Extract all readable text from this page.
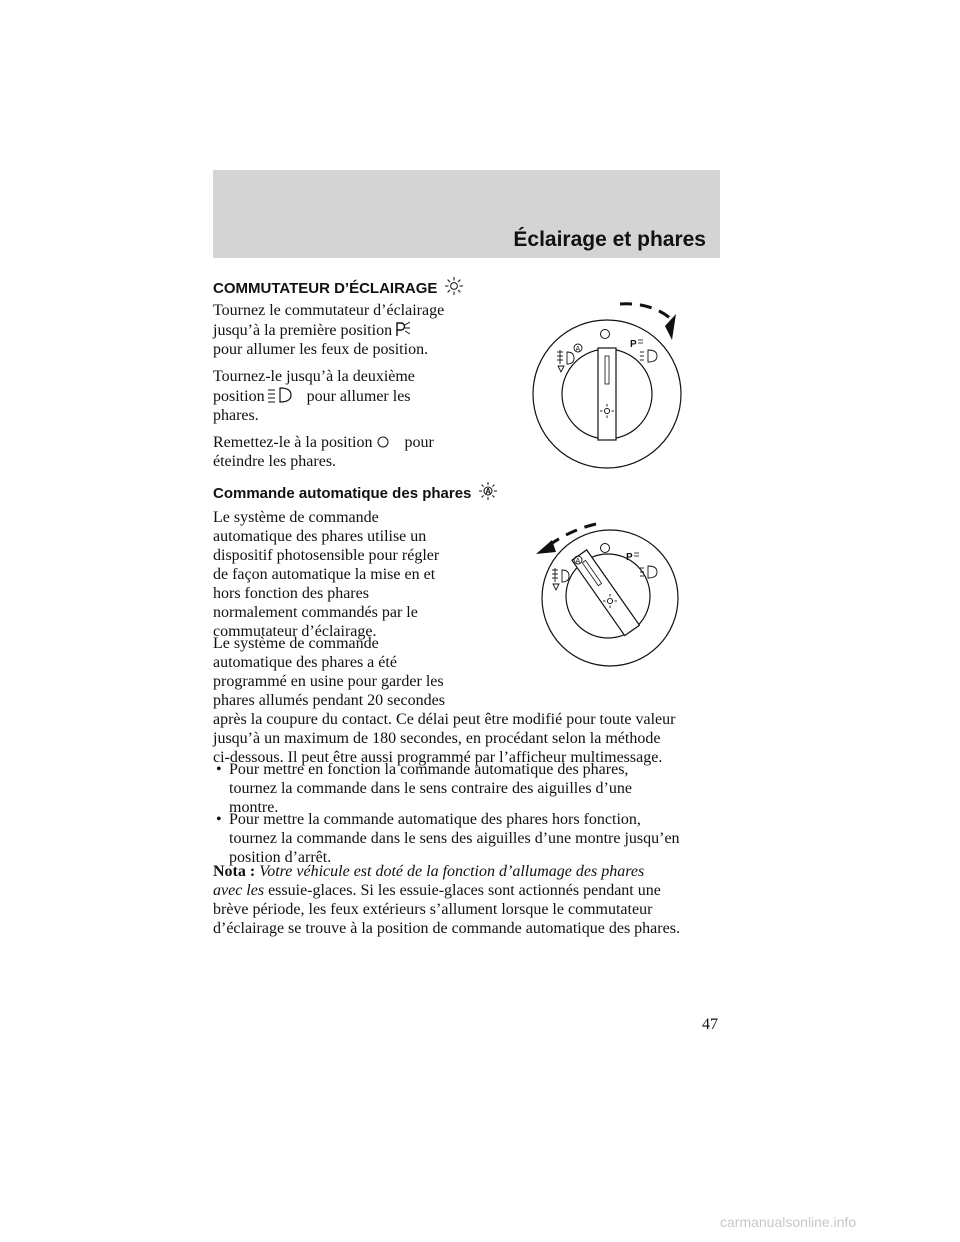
Éclairage et phares
COMMUTATEUR D’ÉCLAIRAGE

Tournez le commutateur d’éclairage

jusqu’à la première position

pour allumer les feux de position.

Tournez-le jusqu’à la deuxième

position	pour allumer les

phares.

Remettez-le à la position pour

éteindre les phares.

A	P
Commande automatique des phares A

Le système de commande

automatique des phares utilise un

dispositif photosensible pour régler

de façon automatique la mise en et

hors fonction des phares

normalement commandés par le

commutateur d’éclairage.

Le système de commande

automatique des phares a été

programmé en usine pour garder les

phares allumés pendant 20 secondes

après la coupure du contact. Ce délai peut être modifié pour toute valeur

jusqu’à un maximum de 180 secondes, en procédant selon la méthode

ci-dessous. Il peut être aussi programmé par l’afficheur multimessage.

A	P
• Pour mettre en fonction la commande automatique des phares,

tournez la commande dans le sens contraire des aiguilles d’une

montre.

• Pour mettre la commande automatique des phares hors fonction,

tournez la commande dans le sens des aiguilles d’une montre jusqu’en

position d’arrêt.

Nota : Votre véhicule est doté de la fonction d’allumage des phares

avec les essuie-glaces. Si les essuie-glaces sont actionnés pendant une

brève période, les feux extérieurs s’allument lorsque le commutateur

d’éclairage se trouve à la position de commande automatique des phares.

47
carmanualsonline.info
